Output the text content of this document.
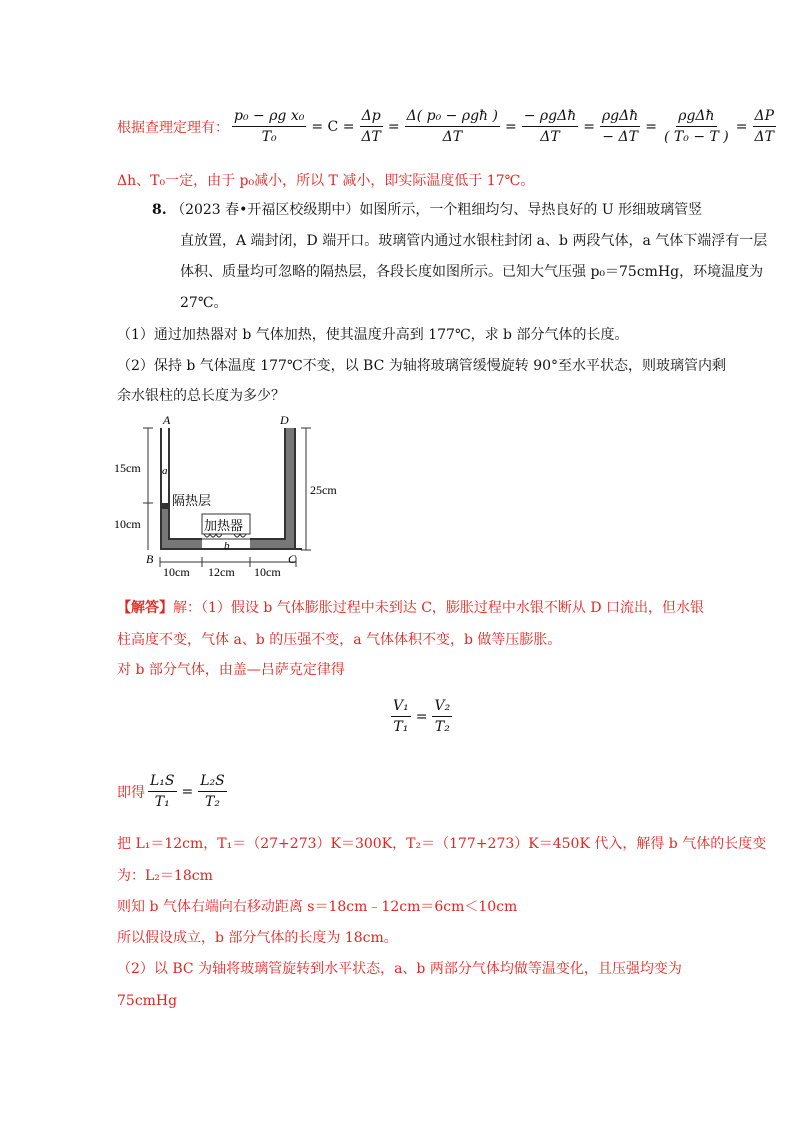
根据查理定理有： $\frac{\text{p₀ − ρg x₀}}{\text{T₀}} = C = \frac{\Delta p}{\Delta T} = \frac{\text{Δ( p₀ − ρgħ )}}{\Delta T} = \frac{\text{− ρgΔħ}}{\Delta T} = \frac{\text{ρgΔħ}}{- \Delta T} = \frac{\text{ρgΔħ}}{\text{( T₀ − T )}} = \frac{\Delta P}{\Delta T}$
Δh、T₀一定，由于 p₀减小，所以 T 减小，即实际温度低于 17℃。
8. （2023 春•开福区校级期中）如图所示，一个粗细均匀、导热良好的 U 形细玻璃管竖
直放置，A 端封闭，D 端开口。玻璃管内通过水银柱封闭 a、b 两段气体，a 气体下端浮有一层
体积、质量均可忽略的隔热层，各段长度如图所示。已知大气压强 p₀＝75cmHg，环境温度为
27℃。
（1）通过加热器对 b 气体加热，使其温度升高到 177℃，求 b 部分气体的长度。
（2）保持 b 气体温度 177℃不变，以 BC 为轴将玻璃管缓慢旋转 90°至水平状态，则玻璃管内剩
余水银柱的总长度为多少？
A	D
a
B	C
b
15cm
10cm
25cm
10cm 12cm 10cm
隔热层
加热器
【解答】解：（1）假设 b 气体膨胀过程中未到达 C，膨胀过程中水银不断从 D 口流出，但水银
柱高度不变，气体 a、b 的压强不变，a 气体体积不变，b 做等压膨胀。
对 b 部分气体，由盖—吕萨克定律得
$\frac{\text{V₁}}{\text{T₁}} = \frac{\text{V₂}}{\text{T₂}}$
即得 $\frac{\text{L₁S}}{\text{T₁}} = \frac{\text{L₂S}}{\text{T₂}}$
把 L₁＝12cm，T₁＝（27+273）K＝300K，T₂＝（177+273）K＝450K 代入，解得 b 气体的长度变
为：L₂＝18cm
则知 b 气体右端向右移动距离 s＝18cm﹣12cm＝6cm＜10cm
所以假设成立，b 部分气体的长度为 18cm。
（2）以 BC 为轴将玻璃管旋转到水平状态，a、b 两部分气体均做等温变化，且压强均变为
75cmHg
